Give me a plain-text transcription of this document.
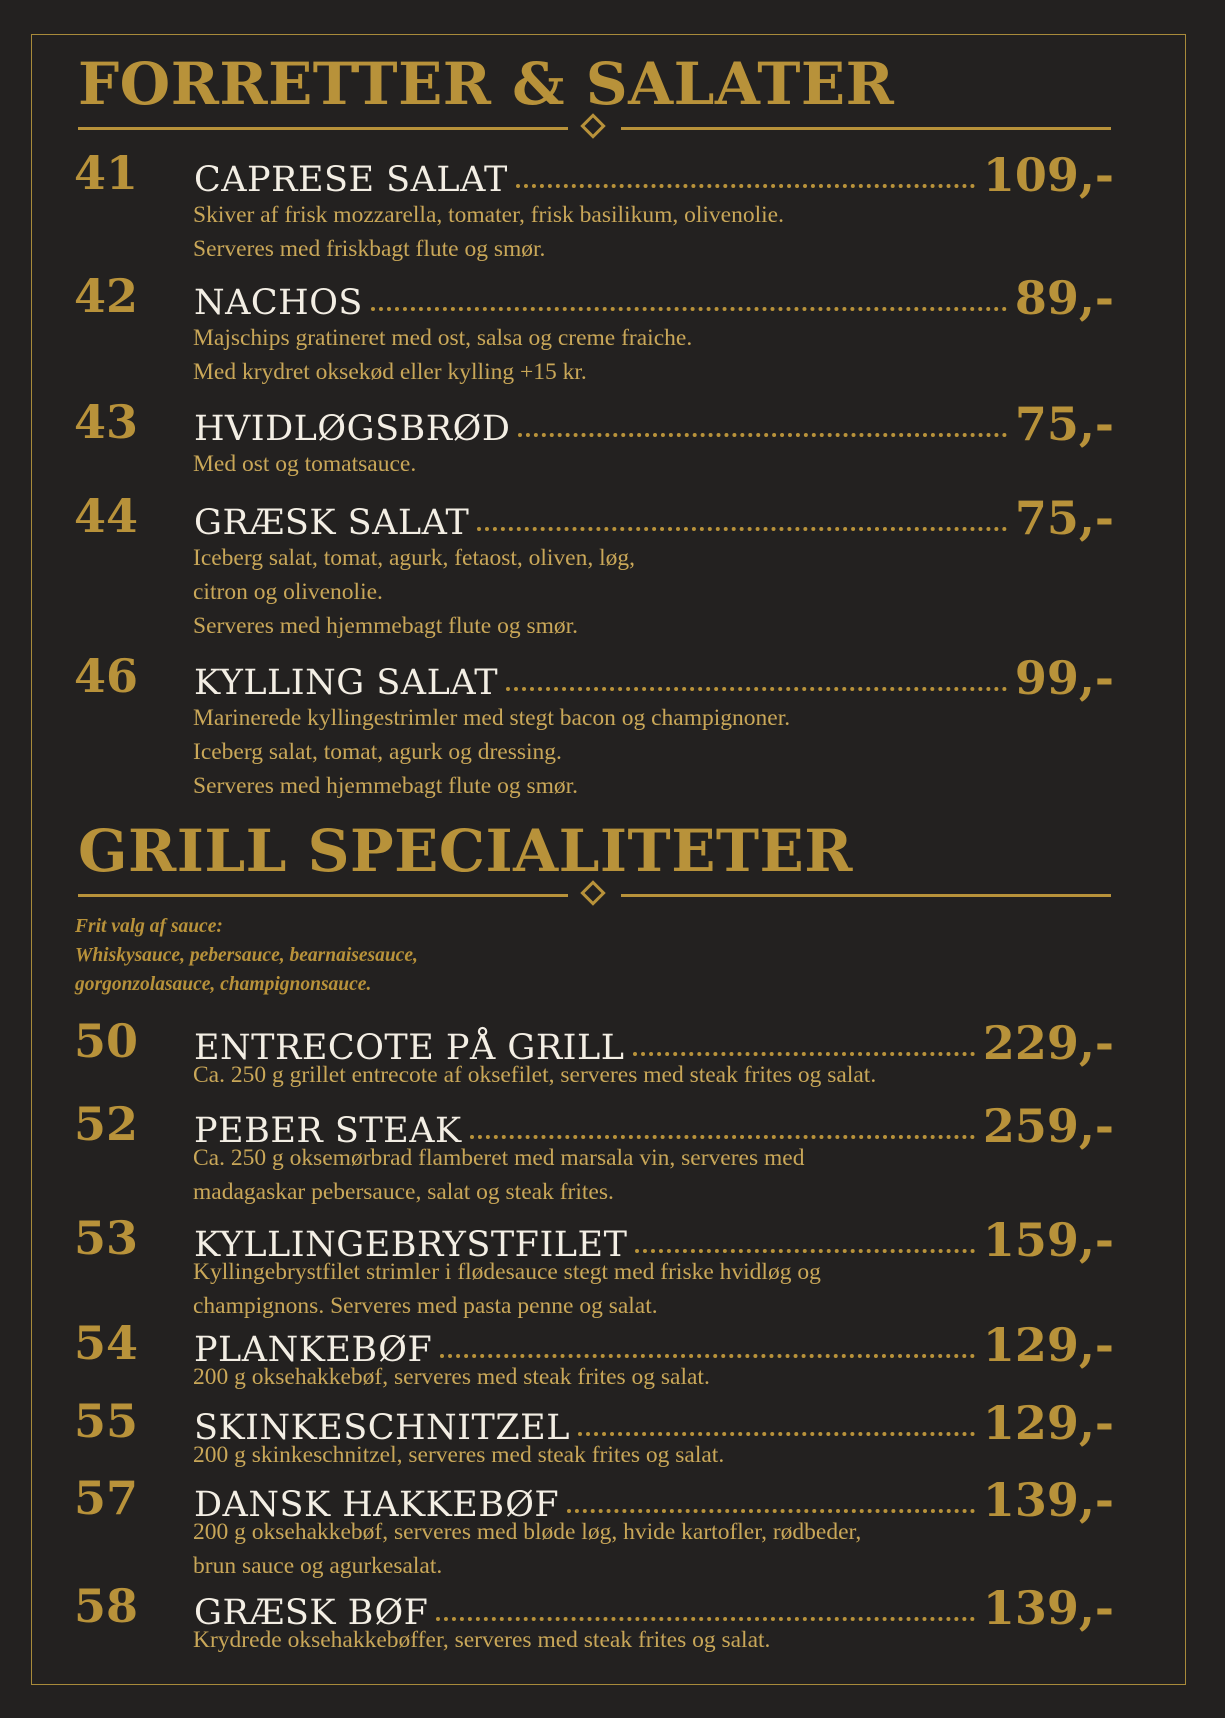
FORRETTER & SALATER
41 CAPRESE SALAT	109,-
Skiver af frisk mozzarella, tomater, frisk basilikum, olivenolie.
Serveres med friskbagt flute og smør.
42 NACHOS	89,-
Majschips gratineret med ost, salsa og creme fraiche.
Med krydret oksekød eller kylling +15 kr.
43 HVIDLØGSBRØD	75,-
Med ost og tomatsauce.
44 GRÆSK SALAT	75,-
Iceberg salat, tomat, agurk, fetaost, oliven, løg,
citron og olivenolie.
Serveres med hjemmebagt flute og smør.
46 KYLLING SALAT	99,-
Marinerede kyllingestrimler med stegt bacon og champignoner.
Iceberg salat, tomat, agurk og dressing.
Serveres med hjemmebagt flute og smør.
GRILL SPECIALITETER
Frit valg af sauce:
Whiskysauce, pebersauce, bearnaisesauce,
gorgonzolasauce, champignonsauce.
50 ENTRECOTE PÅ GRILL	229,-
Ca. 250 g grillet entrecote af oksefilet, serveres med steak frites og salat.
52 PEBER STEAK	259,-
Ca. 250 g oksemørbrad flamberet med marsala vin, serveres med
madagaskar pebersauce, salat og steak frites.
53 KYLLINGEBRYSTFILET	159,-
Kyllingebrystfilet strimler i flødesauce stegt med friske hvidløg og
champignons. Serveres med pasta penne og salat.
54 PLANKEBØF	129,-
200 g oksehakkebøf, serveres med steak frites og salat.
55 SKINKESCHNITZEL	129,-
200 g skinkeschnitzel, serveres med steak frites og salat.
57 DANSK HAKKEBØF	139,-
200 g oksehakkebøf, serveres med bløde løg, hvide kartofler, rødbeder,
brun sauce og agurkesalat.
58 GRÆSK BØF	139,-
Krydrede oksehakkebøffer, serveres med steak frites og salat.
